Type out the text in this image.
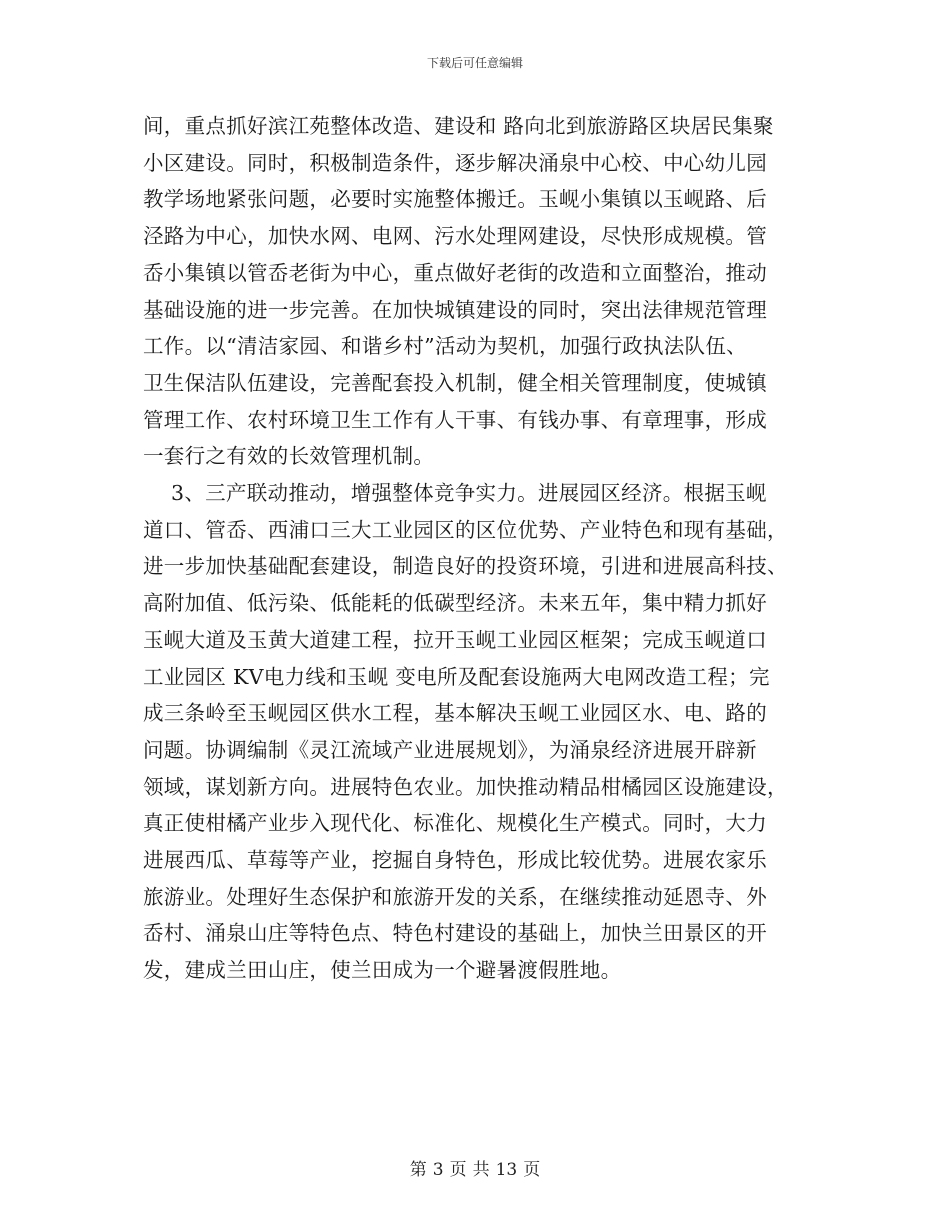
下载后可任意编辑

间，重点抓好滨江苑整体改造、建设和 路向北到旅游路区块居民集聚
小区建设。同时，积极制造条件，逐步解决涌泉中心校、中心幼儿园
教学场地紧张问题，必要时实施整体搬迁。玉岘小集镇以玉岘路、后
泾路为中心，加快水网、电网、污水处理网建设，尽快形成规模。管
岙小集镇以管岙老街为中心，重点做好老街的改造和立面整治，推动
基础设施的进一步完善。在加快城镇建设的同时，突出法律规范管理
工作。以“清洁家园、和谐乡村”活动为契机，加强行政执法队伍、
卫生保洁队伍建设，完善配套投入机制，健全相关管理制度，使城镇
管理工作、农村环境卫生工作有人干事、有钱办事、有章理事，形成
一套行之有效的长效管理机制。

3、三产联动推动，增强整体竞争实力。进展园区经济。根据玉岘
道口、管岙、西浦口三大工业园区的区位优势、产业特色和现有基础，
进一步加快基础配套建设，制造良好的投资环境，引进和进展高科技、
高附加值、低污染、低能耗的低碳型经济。未来五年，集中精力抓好
玉岘大道及玉黄大道建工程，拉开玉岘工业园区框架；完成玉岘道口
工业园区 KV电力线和玉岘 变电所及配套设施两大电网改造工程；完
成三条岭至玉岘园区供水工程，基本解决玉岘工业园区水、电、路的
问题。协调编制《灵江流域产业进展规划》，为涌泉经济进展开辟新
领域，谋划新方向。进展特色农业。加快推动精品柑橘园区设施建设，
真正使柑橘产业步入现代化、标准化、规模化生产模式。同时，大力
进展西瓜、草莓等产业，挖掘自身特色，形成比较优势。进展农家乐
旅游业。处理好生态保护和旅游开发的关系，在继续推动延恩寺、外
岙村、涌泉山庄等特色点、特色村建设的基础上，加快兰田景区的开
发，建成兰田山庄，使兰田成为一个避暑渡假胜地。

第 3 页 共 13 页
